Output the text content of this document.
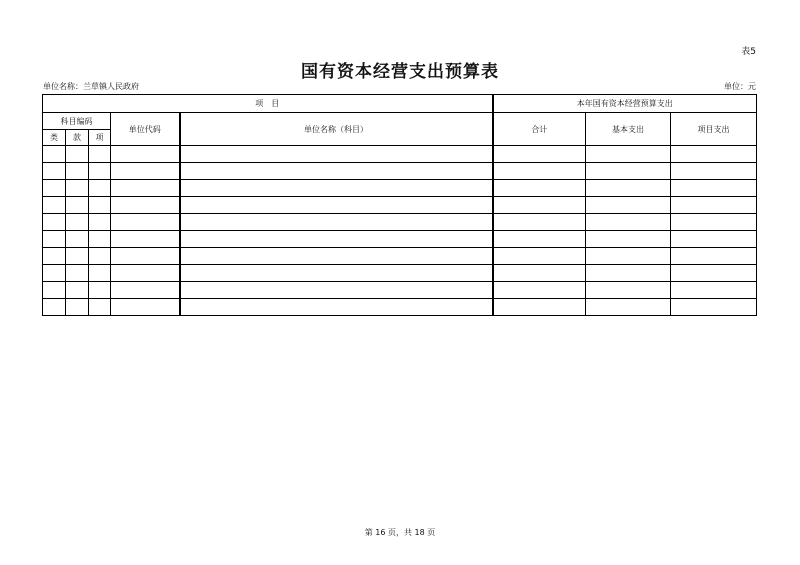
表5
国有资本经营支出预算表
单位名称：兰草镇人民政府	单位：元
项　目					本年国有资本经营预算支出		
科目编码			单位代码	单位名称（科目）	合计	基本支出	项目支出
类	款	项					

第 16 页，共 18 页
